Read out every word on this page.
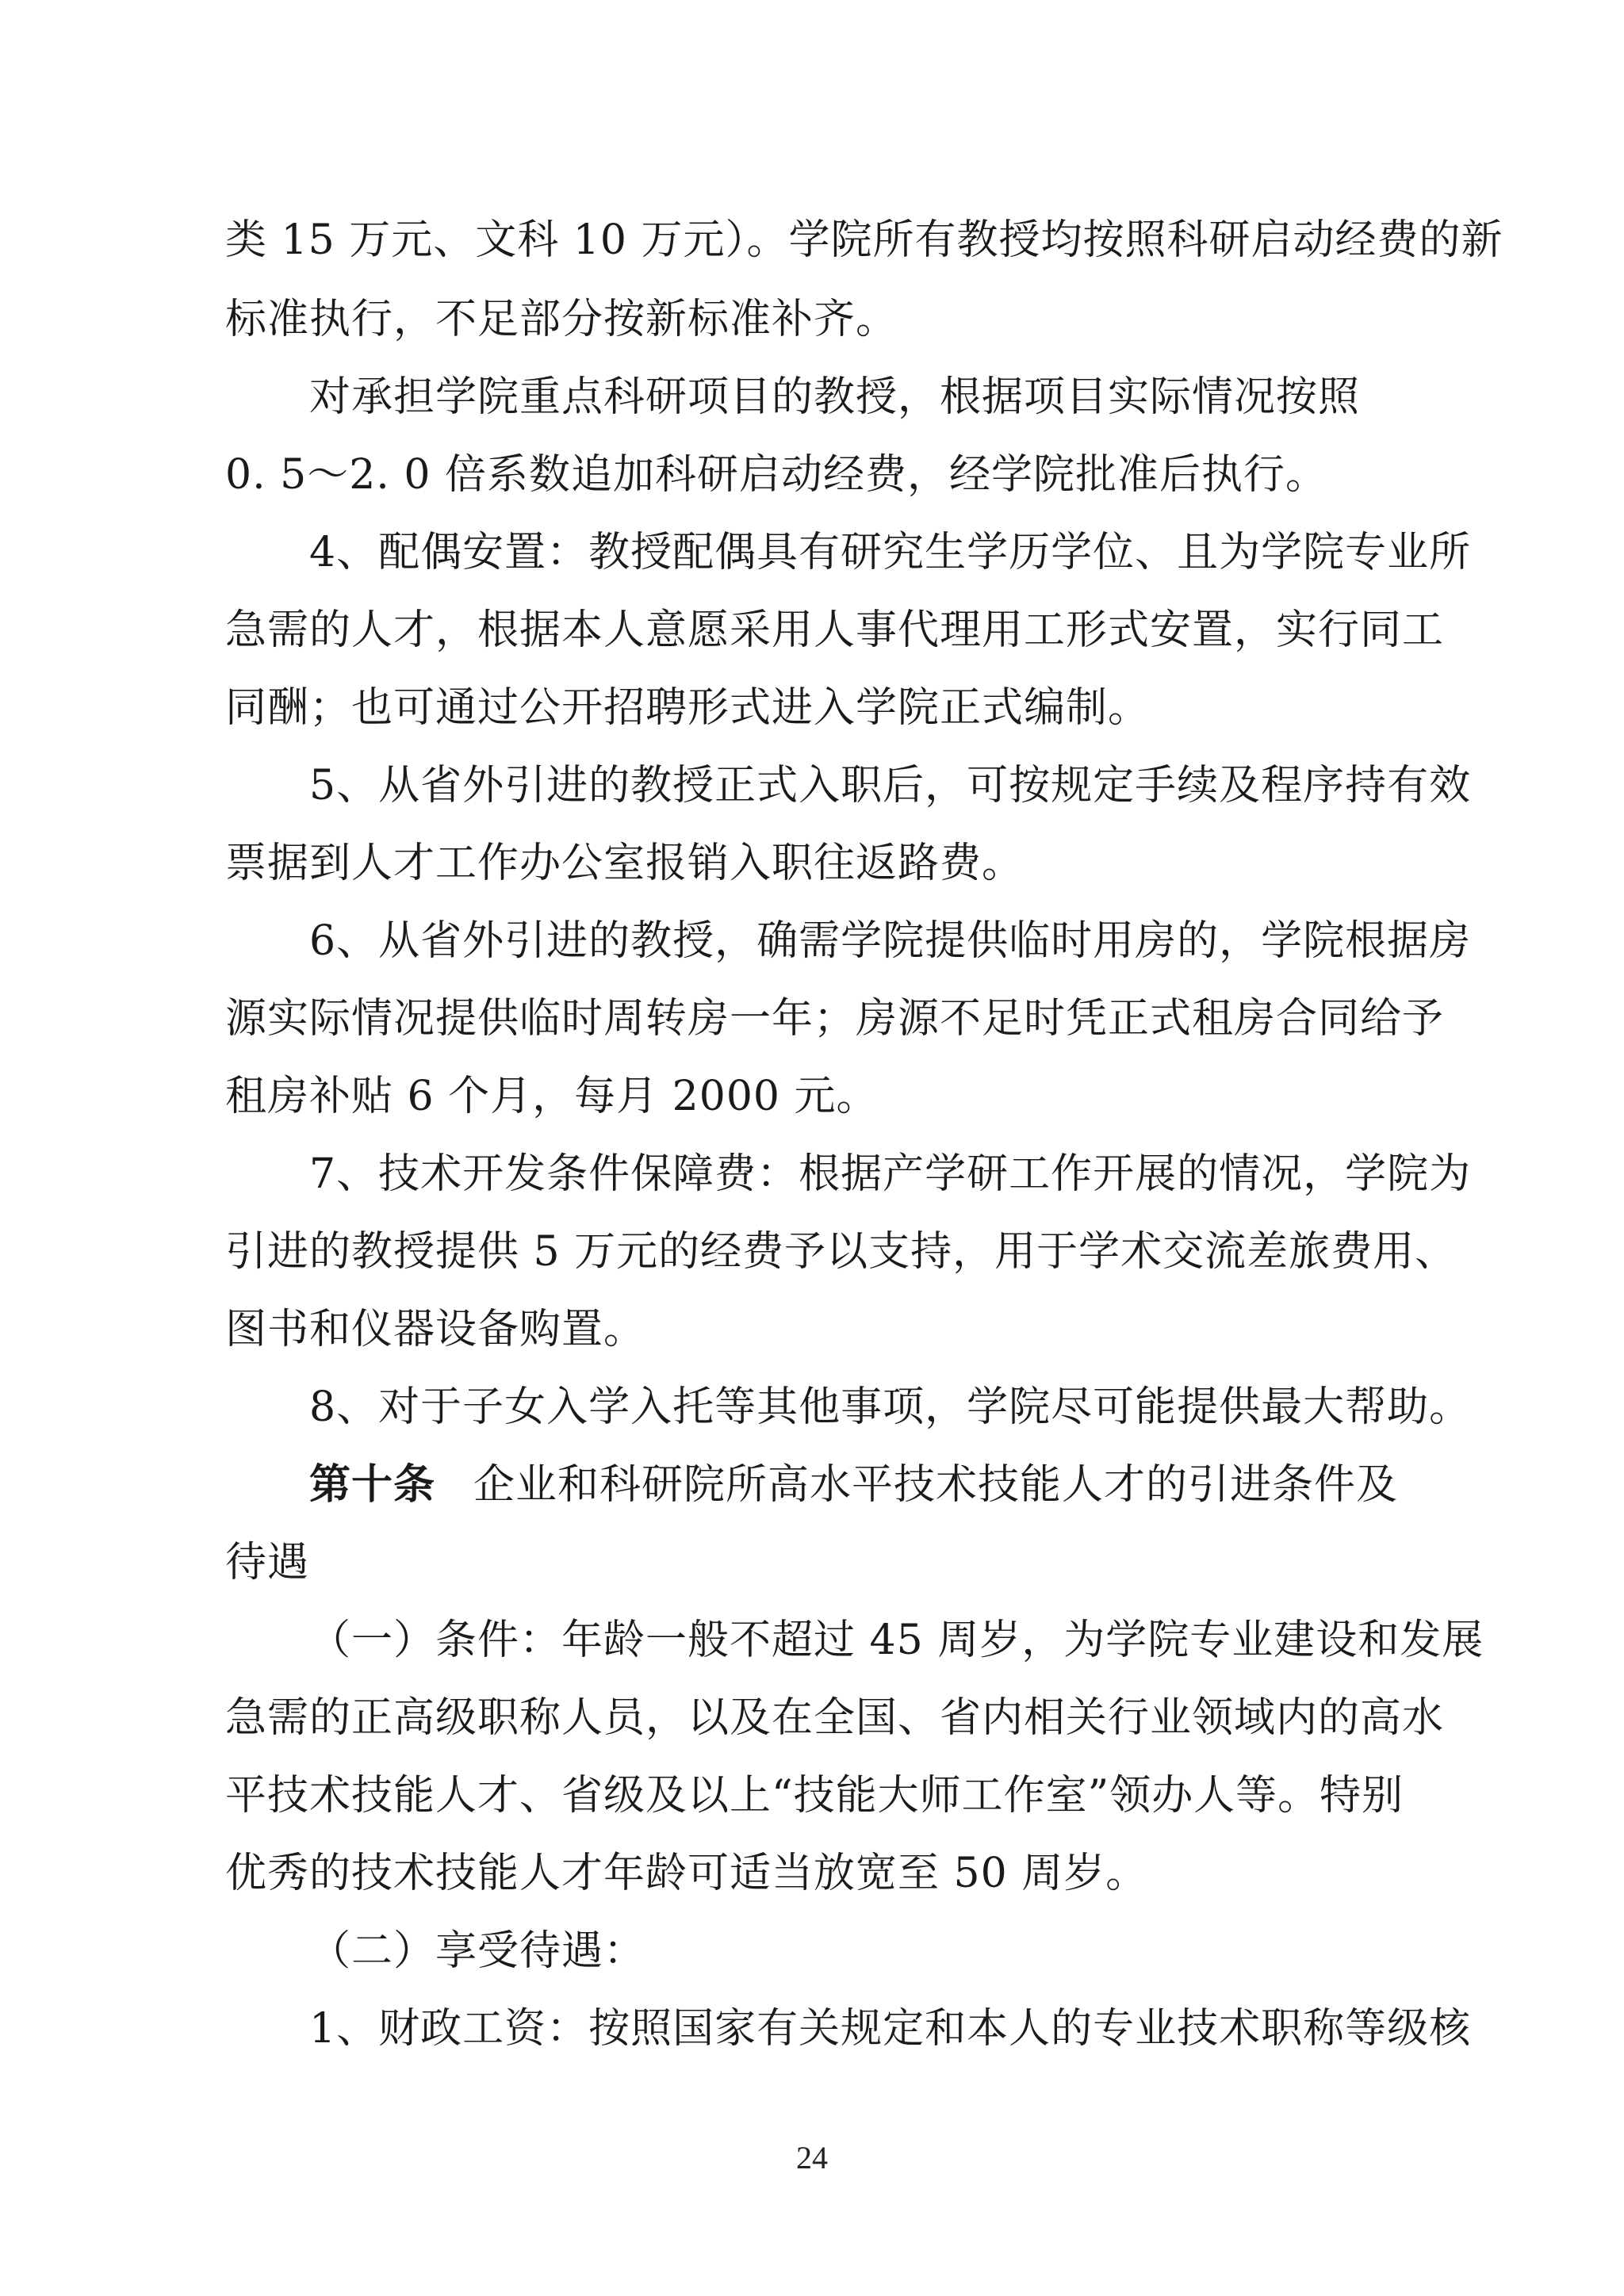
类 15 万元、文科 10 万元）。学院所有教授均按照科研启动经费的新
标准执行，不足部分按新标准补齐。
对承担学院重点科研项目的教授，根据项目实际情况按照
0. 5～2. 0 倍系数追加科研启动经费，经学院批准后执行。
4、配偶安置：教授配偶具有研究生学历学位、且为学院专业所
急需的人才，根据本人意愿采用人事代理用工形式安置，实行同工
同酬；也可通过公开招聘形式进入学院正式编制。
5、从省外引进的教授正式入职后，可按规定手续及程序持有效
票据到人才工作办公室报销入职往返路费。
6、从省外引进的教授，确需学院提供临时用房的，学院根据房
源实际情况提供临时周转房一年；房源不足时凭正式租房合同给予
租房补贴 6 个月，每月 2000 元。
7、技术开发条件保障费：根据产学研工作开展的情况，学院为
引进的教授提供 5 万元的经费予以支持，用于学术交流差旅费用、
图书和仪器设备购置。
8、对于子女入学入托等其他事项，学院尽可能提供最大帮助。
第十条 企业和科研院所高水平技术技能人才的引进条件及
待遇
（一）条件：年龄一般不超过 45 周岁，为学院专业建设和发展
急需的正高级职称人员，以及在全国、省内相关行业领域内的高水
平技术技能人才、省级及以上“技能大师工作室”领办人等。特别
优秀的技术技能人才年龄可适当放宽至 50 周岁。
（二）享受待遇：
1、财政工资：按照国家有关规定和本人的专业技术职称等级核
24
